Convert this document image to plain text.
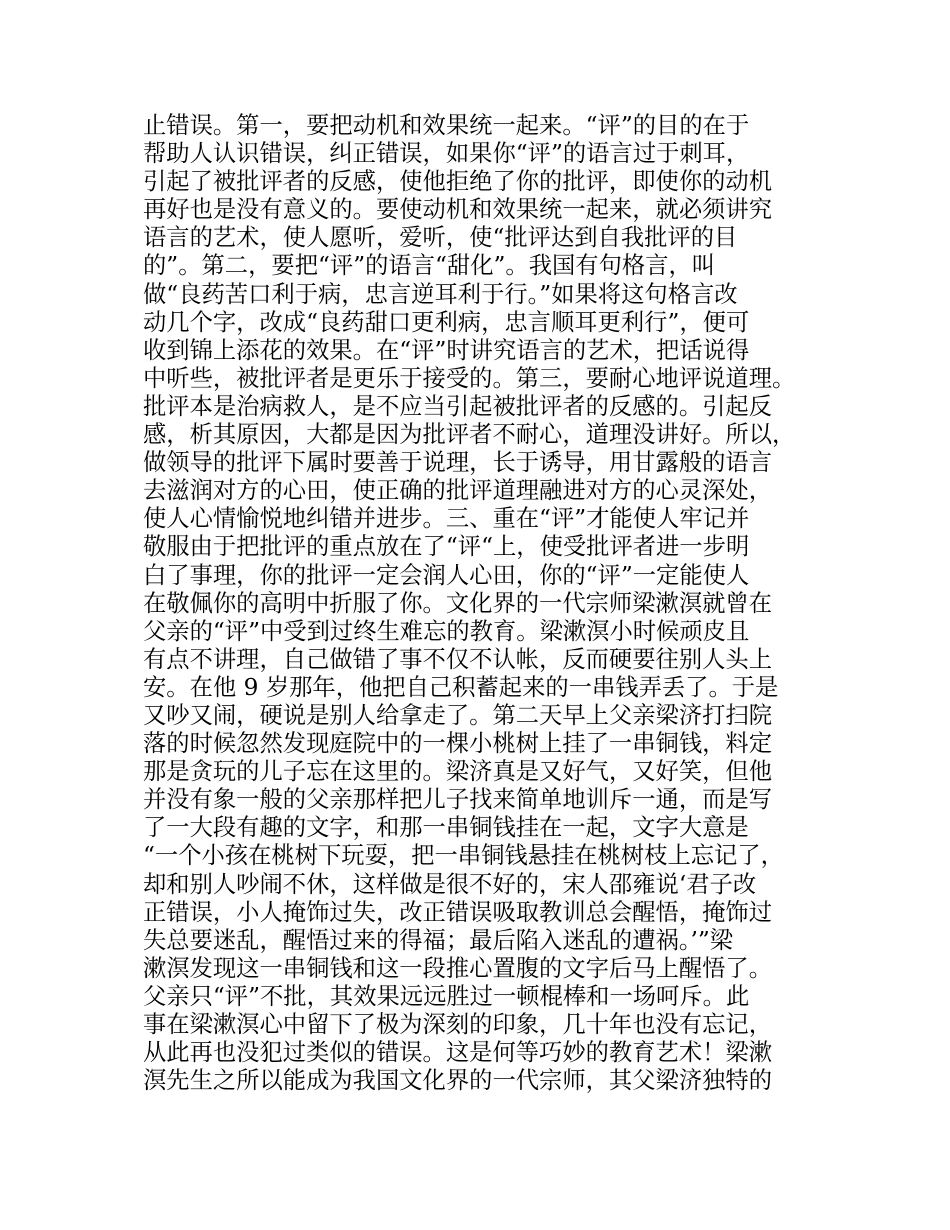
止错误。第一，要把动机和效果统一起来。“评”的目的在于
帮助人认识错误，纠正错误，如果你“评”的语言过于刺耳，
引起了被批评者的反感，使他拒绝了你的批评，即使你的动机
再好也是没有意义的。要使动机和效果统一起来，就必须讲究
语言的艺术，使人愿听，爱听，使“批评达到自我批评的目
的”。第二，要把“评”的语言“甜化”。我国有句格言，叫
做“良药苦口利于病，忠言逆耳利于行。”如果将这句格言改
动几个字，改成“良药甜口更利病，忠言顺耳更利行”，便可
收到锦上添花的效果。在“评”时讲究语言的艺术，把话说得
中听些，被批评者是更乐于接受的。第三，要耐心地评说道理。
批评本是治病救人，是不应当引起被批评者的反感的。引起反
感，析其原因，大都是因为批评者不耐心，道理没讲好。所以，
做领导的批评下属时要善于说理，长于诱导，用甘露般的语言
去滋润对方的心田，使正确的批评道理融进对方的心灵深处，
使人心情愉悦地纠错并进步。三、重在“评”才能使人牢记并
敬服由于把批评的重点放在了“评“上，使受批评者进一步明
白了事理，你的批评一定会润人心田，你的“评”一定能使人
在敬佩你的高明中折服了你。文化界的一代宗师梁漱溟就曾在
父亲的“评”中受到过终生难忘的教育。梁漱溟小时候顽皮且
有点不讲理，自己做错了事不仅不认帐，反而硬要往别人头上
安。在他 9 岁那年，他把自己积蓄起来的一串钱弄丢了。于是
又吵又闹，硬说是别人给拿走了。第二天早上父亲梁济打扫院
落的时候忽然发现庭院中的一棵小桃树上挂了一串铜钱，料定
那是贪玩的儿子忘在这里的。梁济真是又好气，又好笑，但他
并没有象一般的父亲那样把儿子找来简单地训斥一通，而是写
了一大段有趣的文字，和那一串铜钱挂在一起，文字大意是
“一个小孩在桃树下玩耍，把一串铜钱悬挂在桃树枝上忘记了，
却和别人吵闹不休，这样做是很不好的，宋人邵雍说‘君子改
正错误，小人掩饰过失，改正错误吸取教训总会醒悟，掩饰过
失总要迷乱，醒悟过来的得福；最后陷入迷乱的遭祸。’”梁
漱溟发现这一串铜钱和这一段推心置腹的文字后马上醒悟了。
父亲只“评”不批，其效果远远胜过一顿棍棒和一场呵斥。此
事在梁漱溟心中留下了极为深刻的印象，几十年也没有忘记，
从此再也没犯过类似的错误。这是何等巧妙的教育艺术！梁漱
溟先生之所以能成为我国文化界的一代宗师，其父梁济独特的
